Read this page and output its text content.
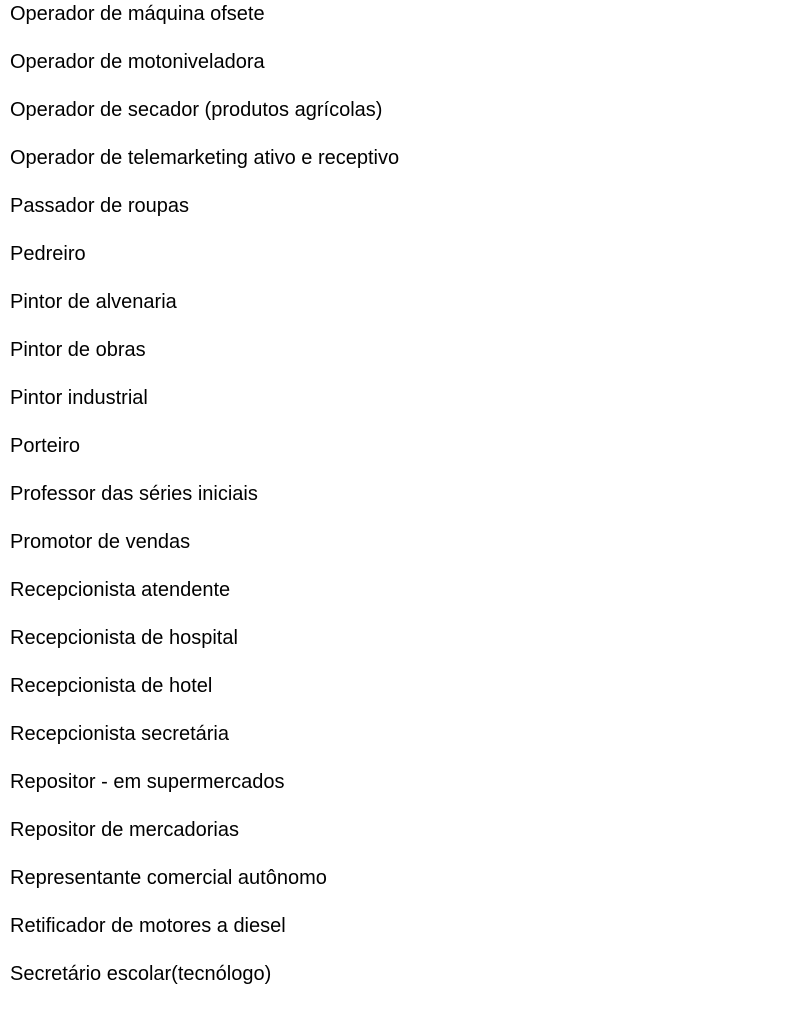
Operador de máquina ofsete
Operador de motoniveladora
Operador de secador (produtos agrícolas)
Operador de telemarketing ativo e receptivo
Passador de roupas
Pedreiro
Pintor de alvenaria
Pintor de obras
Pintor industrial
Porteiro
Professor das séries iniciais
Promotor de vendas
Recepcionista atendente
Recepcionista de hospital
Recepcionista de hotel
Recepcionista secretária
Repositor - em supermercados
Repositor de mercadorias
Representante comercial autônomo
Retificador de motores a diesel
Secretário escolar(tecnólogo)
